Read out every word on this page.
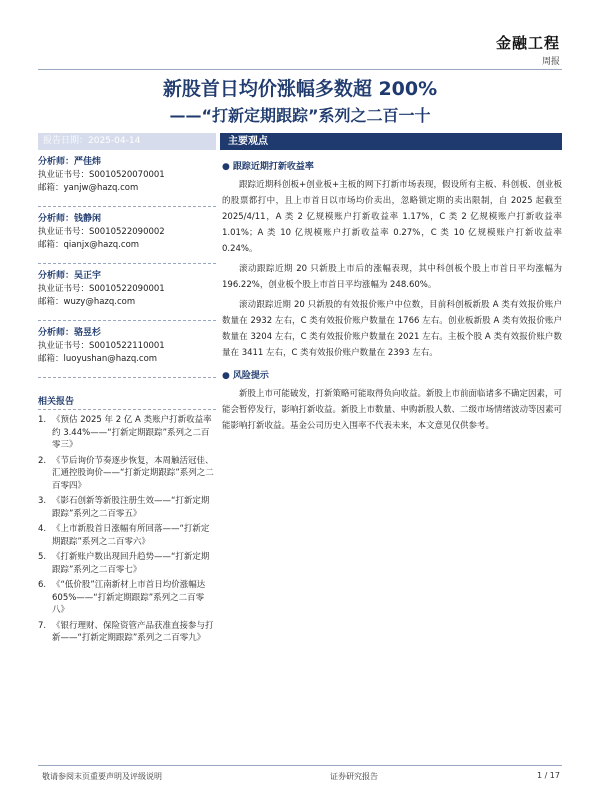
金融工程
周报
新股首日均价涨幅多数超 200%
——“打新定期跟踪”系列之二百一十
报告日期：2025-04-14	主要观点
分析师：严佳炜
执业证书号：S0010520070001
邮箱：yanjw@hazq.com
分析师：钱静闲
执业证书号：S0010522090002
邮箱：qianjx@hazq.com
分析师：吴正宇
执业证书号：S0010522090001
邮箱：wuzy@hazq.com
分析师：骆昱杉
执业证书号：S0010522110001
邮箱：luoyushan@hazq.com
相关报告
1. 《预估 2025 年 2 亿 A 类账户打新收益率约 3.44%——“打新定期跟踪”系列之二百零三》
2. 《节后询价节奏逐步恢复，本周触活冠佳、汇通控股询价——“打新定期跟踪”系列之二百零四》
3. 《影石创新等新股注册生效——“打新定期跟踪”系列之二百零五》
4. 《上市新股首日涨幅有所回落——“打新定期跟踪”系列之二百零六》
5. 《打新账户数出现回升趋势——“打新定期跟踪”系列之二百零七》
6. 《“低价股”江南新材上市首日均价涨幅达 605%——“打新定期跟踪”系列之二百零八》
7. 《银行理财、保险资管产品获准直接参与打新——“打新定期跟踪”系列之二百零九》
● 跟踪近期打新收益率

跟踪近期科创板+创业板+主板的网下打新市场表现，假设所有主板、科创板、创业板的股票都打中，且上市首日以市场均价卖出，忽略锁定期的卖出限制，自 2025 起截至 2025/4/11，A 类 2 亿规模账户打新收益率 1.17%，C 类 2 亿规模账户打新收益率 1.01%；A 类 10 亿规模账户打新收益率 0.27%，C 类 10 亿规模账户打新收益率 0.24%。

滚动跟踪近期 20 只新股上市后的涨幅表现，其中科创板个股上市首日平均涨幅为 196.22%，创业板个股上市首日平均涨幅为 248.60%。

滚动跟踪近期 20 只新股的有效报价账户中位数，目前科创板新股 A 类有效报价账户数量在 2932 左右，C 类有效报价账户数量在 1766 左右。创业板新股 A 类有效报价账户数量在 3204 左右，C 类有效报价账户数量在 2021 左右。主板个股 A 类有效报价账户数量在 3411 左右，C 类有效报价账户数量在 2393 左右。

● 风险提示

新股上市可能破发，打新策略可能取得负向收益。新股上市前面临诸多不确定因素，可能会暂停发行，影响打新收益。新股上市数量、申购新股人数、二级市场情绪波动等因素可能影响打新收益。基金公司历史入围率不代表未来，本文意见仅供参考。

敬请参阅末页重要声明及评级说明	证券研究报告	1 / 17
